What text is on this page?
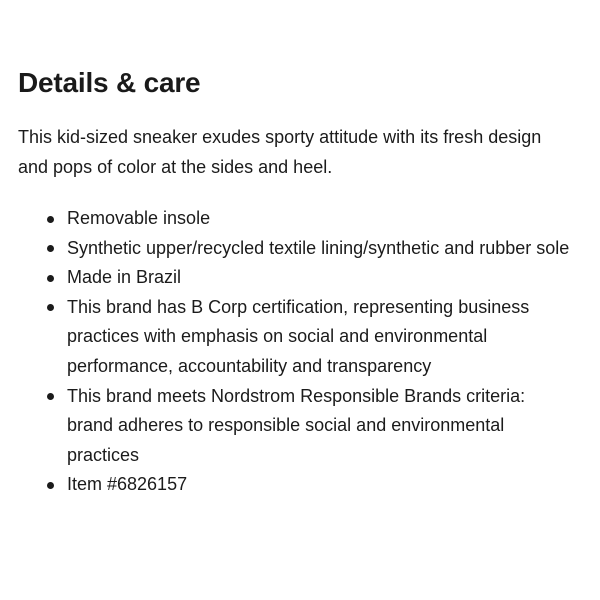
Details & care

This kid-sized sneaker exudes sporty attitude with its fresh design and pops of color at the sides and heel.

Removable insole
Synthetic upper/recycled textile lining/synthetic and rubber sole
Made in Brazil
This brand has B Corp certification, representing business practices with emphasis on social and environmental performance, accountability and transparency
This brand meets Nordstrom Responsible Brands criteria: brand adheres to responsible social and environmental practices
Item #6826157
